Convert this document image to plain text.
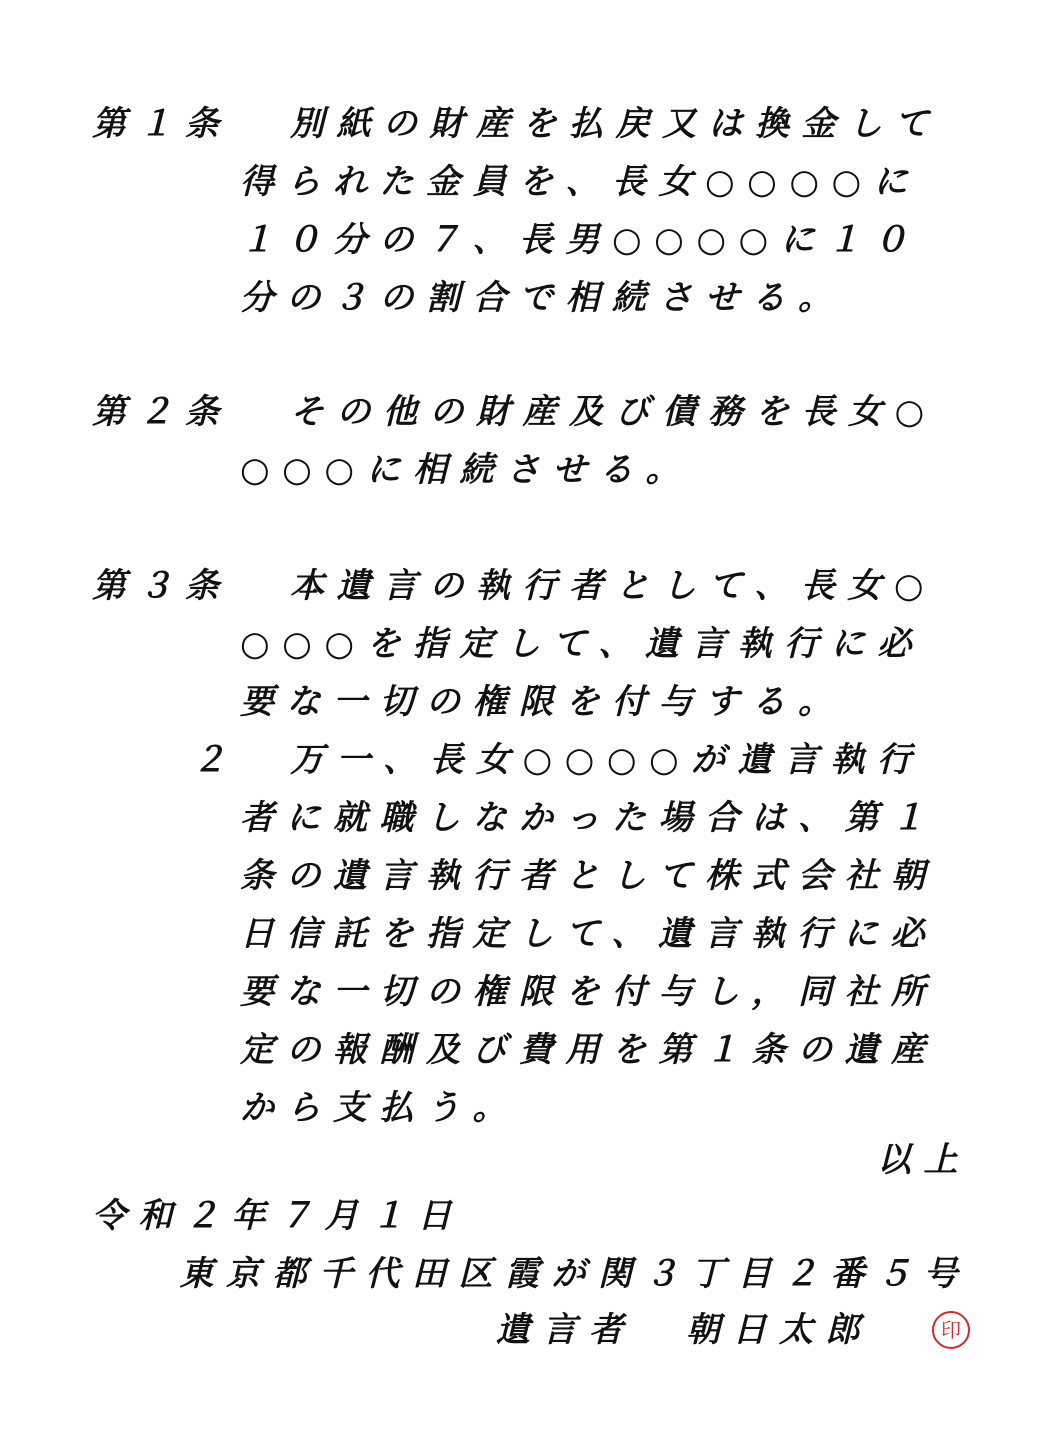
第１条 別紙の財産を払戻又は換金して
得られた金員を、長女○○○○に
１０分の７、長男○○○○に１０
分の３の割合で相続させる。
第２条 その他の財産及び債務を長女○
○○○に相続させる。
第３条 本遺言の執行者として、長女○
○○○を指定して、遺言執行に必
要な一切の権限を付与する。
２ 万一、長女○○○○が遺言執行
者に就職しなかった場合は、第１
条の遺言執行者として株式会社朝
日信託を指定して、遺言執行に必
要な一切の権限を付与し，同社所
定の報酬及び費用を第１条の遺産
から支払う。
以上
令和２年７月１日
東京都千代田区霞が関３丁目２番５号
遺言者 朝日太郎	印
